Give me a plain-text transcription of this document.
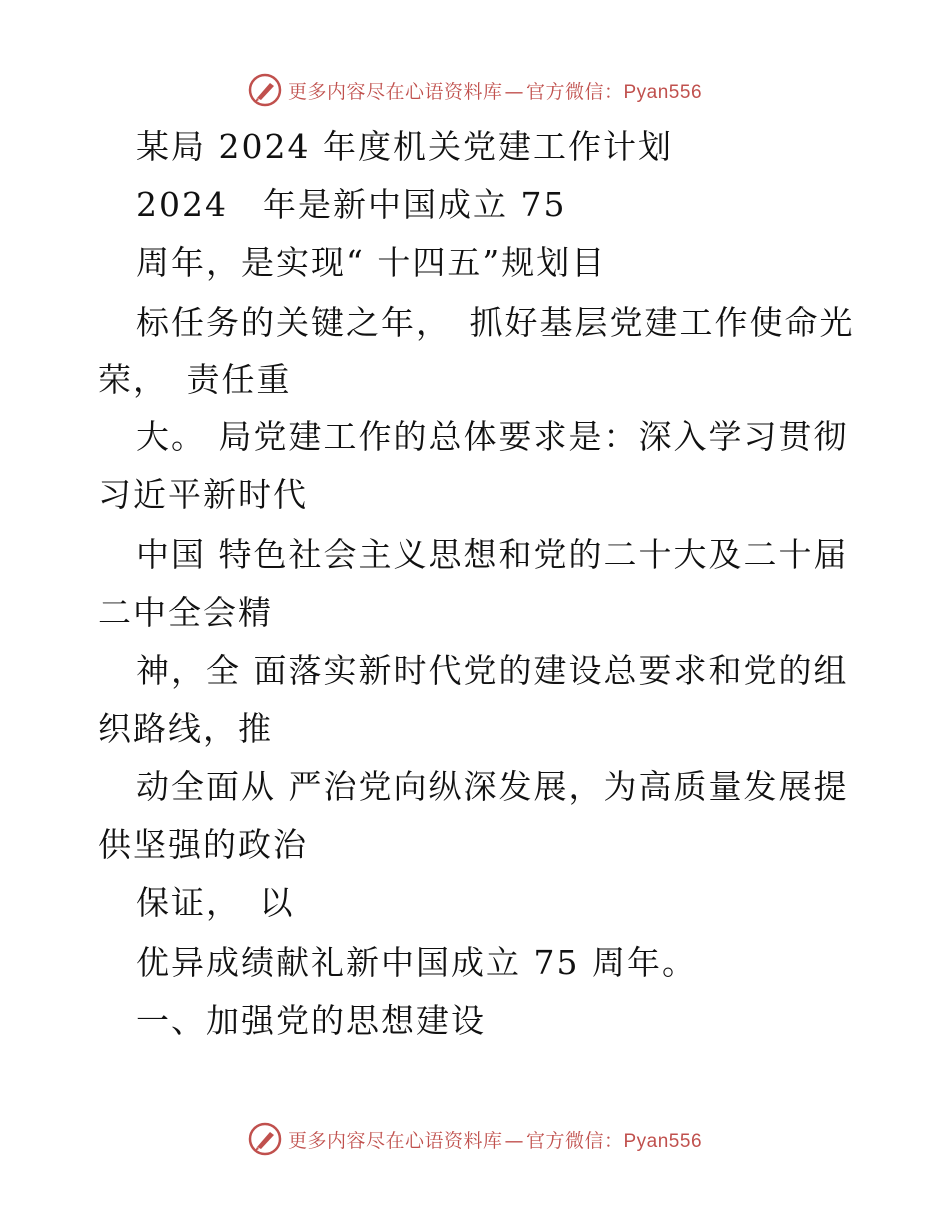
更多内容尽在心语资料库 — 官方微信：Pyan556
某局 2024 年度机关党建工作计划
2024　年是新中国成立 75
周年，是实现“ 十四五”规划目
标任务的关键之年，　抓好基层党建工作使命光
荣，　责任重
大。 局党建工作的总体要求是：深入学习贯彻
习近平新时代
中国 特色社会主义思想和党的二十大及二十届
二中全会精
神，全 面落实新时代党的建设总要求和党的组
织路线，推
动全面从 严治党向纵深发展，为高质量发展提
供坚强的政治
保证，　以
优异成绩献礼新中国成立 75 周年。
一、加强党的思想建设
更多内容尽在心语资料库 — 官方微信：Pyan556
